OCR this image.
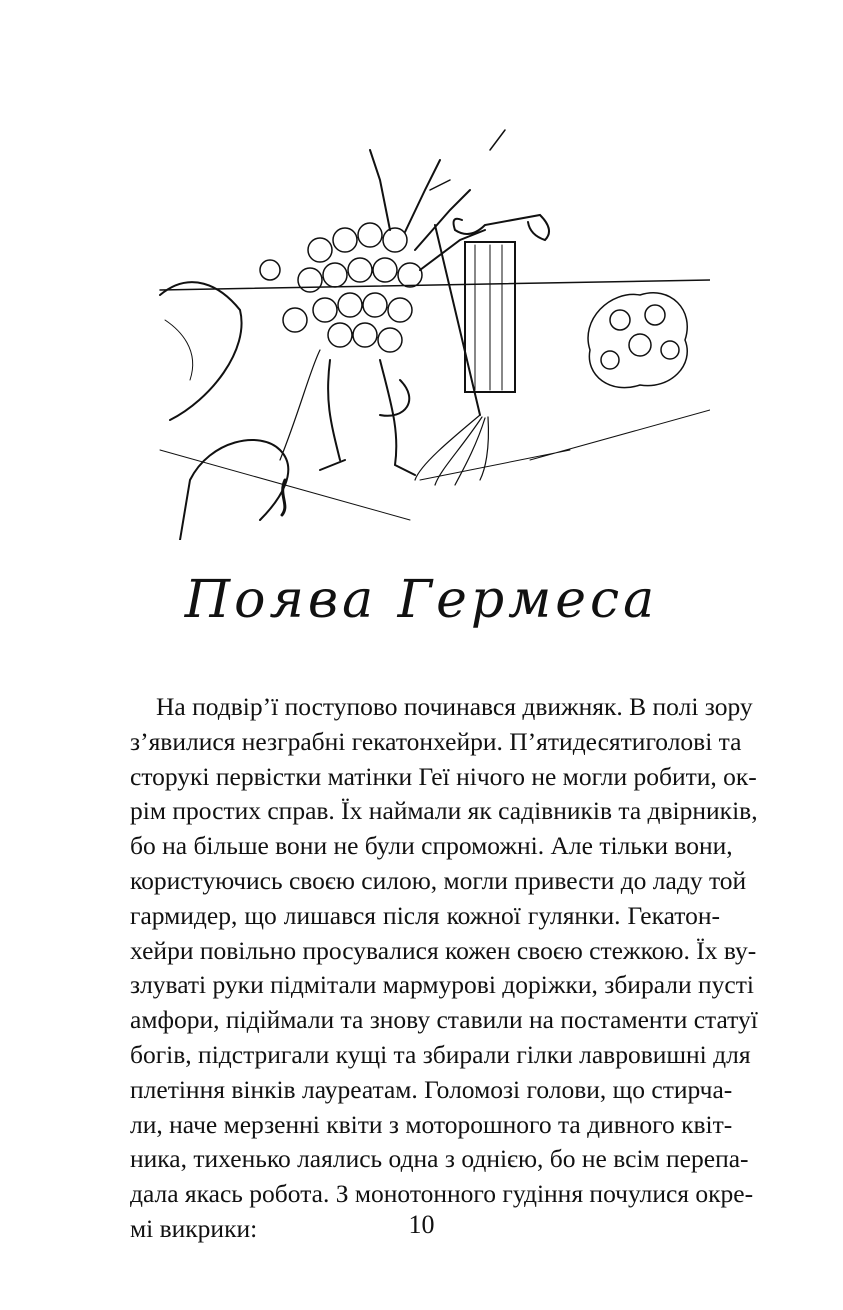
Поява Гермеса
На подвір’ї поступово починався движняк. В полі зору
з’явилися незграбні гекатонхейри. П’ятидесятиголові та
сторукі первістки матінки Геї нічого не могли робити, ок-
рім простих справ. Їх наймали як садівників та двірників,
бо на більше вони не були спроможні. Але тільки вони,
користуючись своєю силою, могли привести до ладу той
гармидер, що лишався після кожної гулянки. Гекатон-
хейри повільно просувалися кожен своєю стежкою. Їх ву-
злуваті руки підмітали мармурові доріжки, збирали пусті
амфори, підіймали та знову ставили на постаменти статуї
богів, підстригали кущі та збирали гілки лавровишні для
плетіння вінків лауреатам. Голомозі голови, що стирча-
ли, наче мерзенні квіти з моторошного та дивного квіт-
ника, тихенько лаялись одна з однією, бо не всім перепа-
дала якась робота. З монотонного гудіння почулися окре-
мі викрики:	10
